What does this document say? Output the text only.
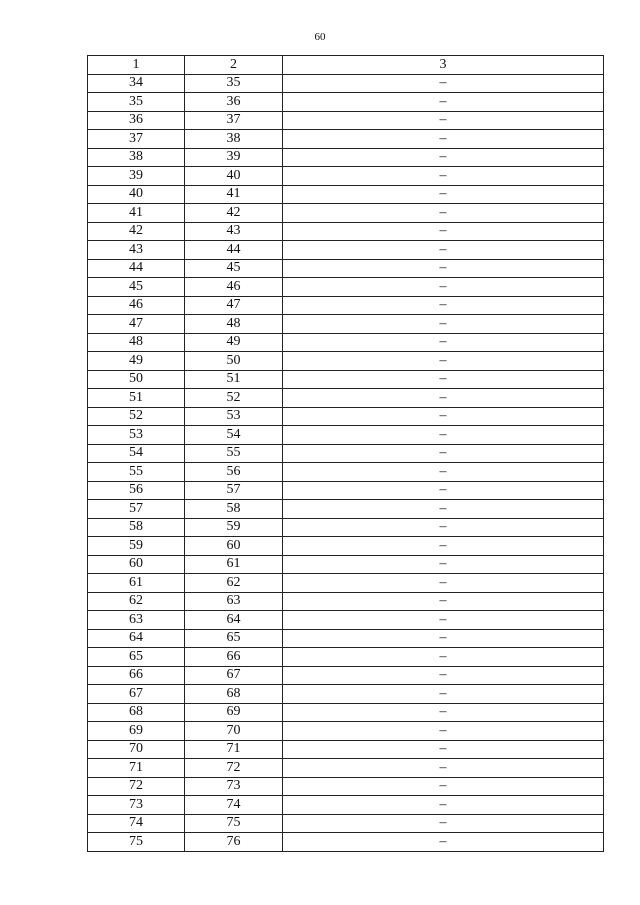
60
1	2	3
34	35	–
35	36	–
36	37	–
37	38	–
38	39	–
39	40	–
40	41	–
41	42	–
42	43	–
43	44	–
44	45	–
45	46	–
46	47	–
47	48	–
48	49	–
49	50	–
50	51	–
51	52	–
52	53	–
53	54	–
54	55	–
55	56	–
56	57	–
57	58	–
58	59	–
59	60	–
60	61	–
61	62	–
62	63	–
63	64	–
64	65	–
65	66	–
66	67	–
67	68	–
68	69	–
69	70	–
70	71	–
71	72	–
72	73	–
73	74	–
74	75	–
75	76	–
